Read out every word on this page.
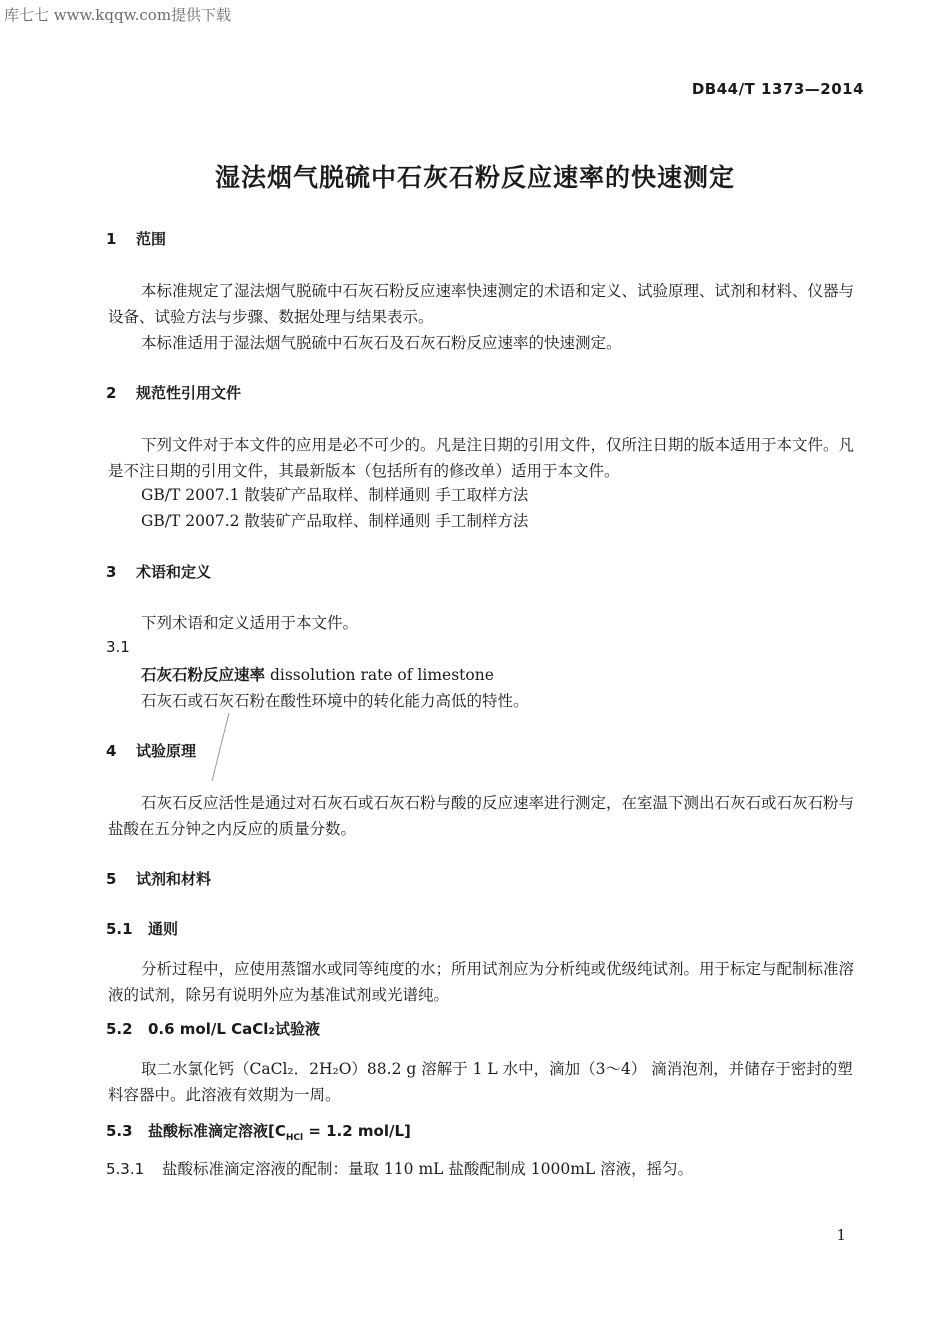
库七七 www.kqqw.com提供下载
DB44/T 1373—2014
湿法烟气脱硫中石灰石粉反应速率的快速测定
1 范围
本标准规定了湿法烟气脱硫中石灰石粉反应速率快速测定的术语和定义、试验原理、试剂和材料、仪器与设备、试验方法与步骤、数据处理与结果表示。
本标准适用于湿法烟气脱硫中石灰石及石灰石粉反应速率的快速测定。
2 规范性引用文件
下列文件对于本文件的应用是必不可少的。凡是注日期的引用文件，仅所注日期的版本适用于本文件。凡是不注日期的引用文件，其最新版本（包括所有的修改单）适用于本文件。
GB/T 2007.1 散装矿产品取样、制样通则 手工取样方法
GB/T 2007.2 散装矿产品取样、制样通则 手工制样方法
3 术语和定义
下列术语和定义适用于本文件。
3.1
石灰石粉反应速率 dissolution rate of limestone
石灰石或石灰石粉在酸性环境中的转化能力高低的特性。
4 试验原理
石灰石反应活性是通过对石灰石或石灰石粉与酸的反应速率进行测定，在室温下测出石灰石或石灰石粉与盐酸在五分钟之内反应的质量分数。
5 试剂和材料
5.1 通则
分析过程中，应使用蒸馏水或同等纯度的水；所用试剂应为分析纯或优级纯试剂。用于标定与配制标准溶液的试剂，除另有说明外应为基准试剂或光谱纯。
5.2 0.6 mol/L CaCl₂试验液
取二水氯化钙（CaCl₂．2H₂O）88.2 g 溶解于 1 L 水中，滴加（3～4） 滴消泡剂，并储存于密封的塑料容器中。此溶液有效期为一周。
5.3 盐酸标准滴定溶液[$C_{HCl} = 1.2$ mol/L]
5.3.1 盐酸标准滴定溶液的配制：量取 110 mL 盐酸配制成 1000mL 溶液，摇匀。
1
